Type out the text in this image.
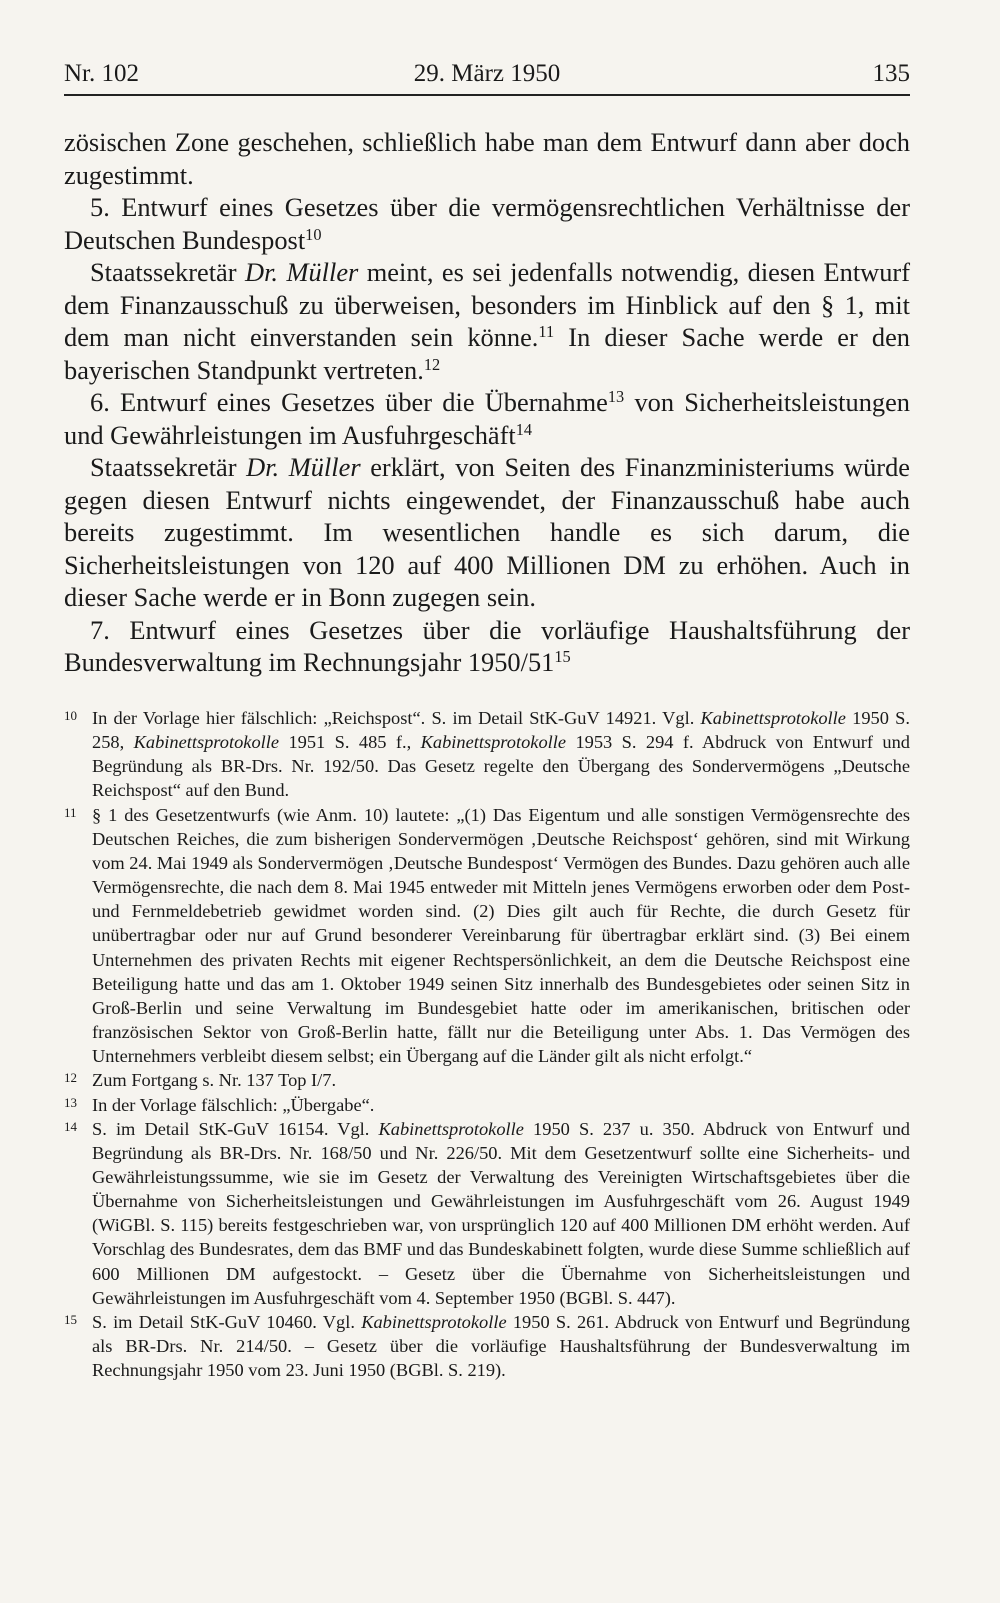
Nr. 102	29. März 1950	135

zösischen Zone geschehen, schließlich habe man dem Entwurf dann aber doch zugestimmt.

5. Entwurf eines Gesetzes über die vermögensrechtlichen Verhältnisse der Deutschen Bundespost$^{10}$

Staatssekretär Dr. Müller meint, es sei jedenfalls notwendig, diesen Entwurf dem Finanzausschuß zu überweisen, besonders im Hinblick auf den § 1, mit dem man nicht einverstanden sein könne.$^{11}$ In dieser Sache werde er den bayerischen Standpunkt vertreten.$^{12}$

6. Entwurf eines Gesetzes über die Übernahme$^{13}$ von Sicherheitsleistungen und Gewährleistungen im Ausfuhrgeschäft$^{14}$

Staatssekretär Dr. Müller erklärt, von Seiten des Finanzministeriums würde gegen diesen Entwurf nichts eingewendet, der Finanzausschuß habe auch bereits zugestimmt. Im wesentlichen handle es sich darum, die Sicherheitsleistungen von 120 auf 400 Millionen DM zu erhöhen. Auch in dieser Sache werde er in Bonn zugegen sein.

7. Entwurf eines Gesetzes über die vorläufige Haushaltsführung der Bundesverwaltung im Rechnungsjahr $1950/51^{15}$

10 In der Vorlage hier fälschlich: „Reichspost“. S. im Detail StK-GuV 14921. Vgl. Kabinettsprotokolle 1950 S. 258, Kabinettsprotokolle 1951 S. 485 f., Kabinettsprotokolle 1953 S. 294 f. Abdruck von Entwurf und Begründung als BR-Drs. Nr. 192/50. Das Gesetz regelte den Übergang des Sondervermögens „Deutsche Reichspost“ auf den Bund.

11 § 1 des Gesetzentwurfs (wie Anm. 10) lautete: „(1) Das Eigentum und alle sonstigen Vermögensrechte des Deutschen Reiches, die zum bisherigen Sondervermögen ‚Deutsche Reichspost‘ gehören, sind mit Wirkung vom 24. Mai 1949 als Sondervermögen ‚Deutsche Bundespost‘ Vermögen des Bundes. Dazu gehören auch alle Vermögensrechte, die nach dem 8. Mai 1945 entweder mit Mitteln jenes Vermögens erworben oder dem Post- und Fernmeldebetrieb gewidmet worden sind. (2) Dies gilt auch für Rechte, die durch Gesetz für unübertragbar oder nur auf Grund besonderer Vereinbarung für übertragbar erklärt sind. (3) Bei einem Unternehmen des privaten Rechts mit eigener Rechtspersönlichkeit, an dem die Deutsche Reichspost eine Beteiligung hatte und das am 1. Oktober 1949 seinen Sitz innerhalb des Bundesgebietes oder seinen Sitz in Groß-Berlin und seine Verwaltung im Bundesgebiet hatte oder im amerikanischen, britischen oder französischen Sektor von Groß-Berlin hatte, fällt nur die Beteiligung unter Abs. 1. Das Vermögen des Unternehmers verbleibt diesem selbst; ein Übergang auf die Länder gilt als nicht erfolgt.“

12 Zum Fortgang s. Nr. 137 Top I/7.

13 In der Vorlage fälschlich: „Übergabe“.

14 S. im Detail StK-GuV 16154. Vgl. Kabinettsprotokolle 1950 S. 237 u. 350. Abdruck von Entwurf und Begründung als BR-Drs. Nr. 168/50 und Nr. 226/50. Mit dem Gesetzentwurf sollte eine Sicherheits- und Gewährleistungssumme, wie sie im Gesetz der Verwaltung des Vereinigten Wirtschaftsgebietes über die Übernahme von Sicherheitsleistungen und Gewährleistungen im Ausfuhrgeschäft vom 26. August 1949 (WiGBl. S. 115) bereits festgeschrieben war, von ursprünglich 120 auf 400 Millionen DM erhöht werden. Auf Vorschlag des Bundesrates, dem das BMF und das Bundeskabinett folgten, wurde diese Summe schließlich auf 600 Millionen DM aufgestockt. – Gesetz über die Übernahme von Sicherheitsleistungen und Gewährleistungen im Ausfuhrgeschäft vom 4. September 1950 (BGBl. S. 447).

15 S. im Detail StK-GuV 10460. Vgl. Kabinettsprotokolle 1950 S. 261. Abdruck von Entwurf und Begründung als BR-Drs. Nr. 214/50. – Gesetz über die vorläufige Haushaltsführung der Bundesverwaltung im Rechnungsjahr 1950 vom 23. Juni 1950 (BGBl. S. 219).
